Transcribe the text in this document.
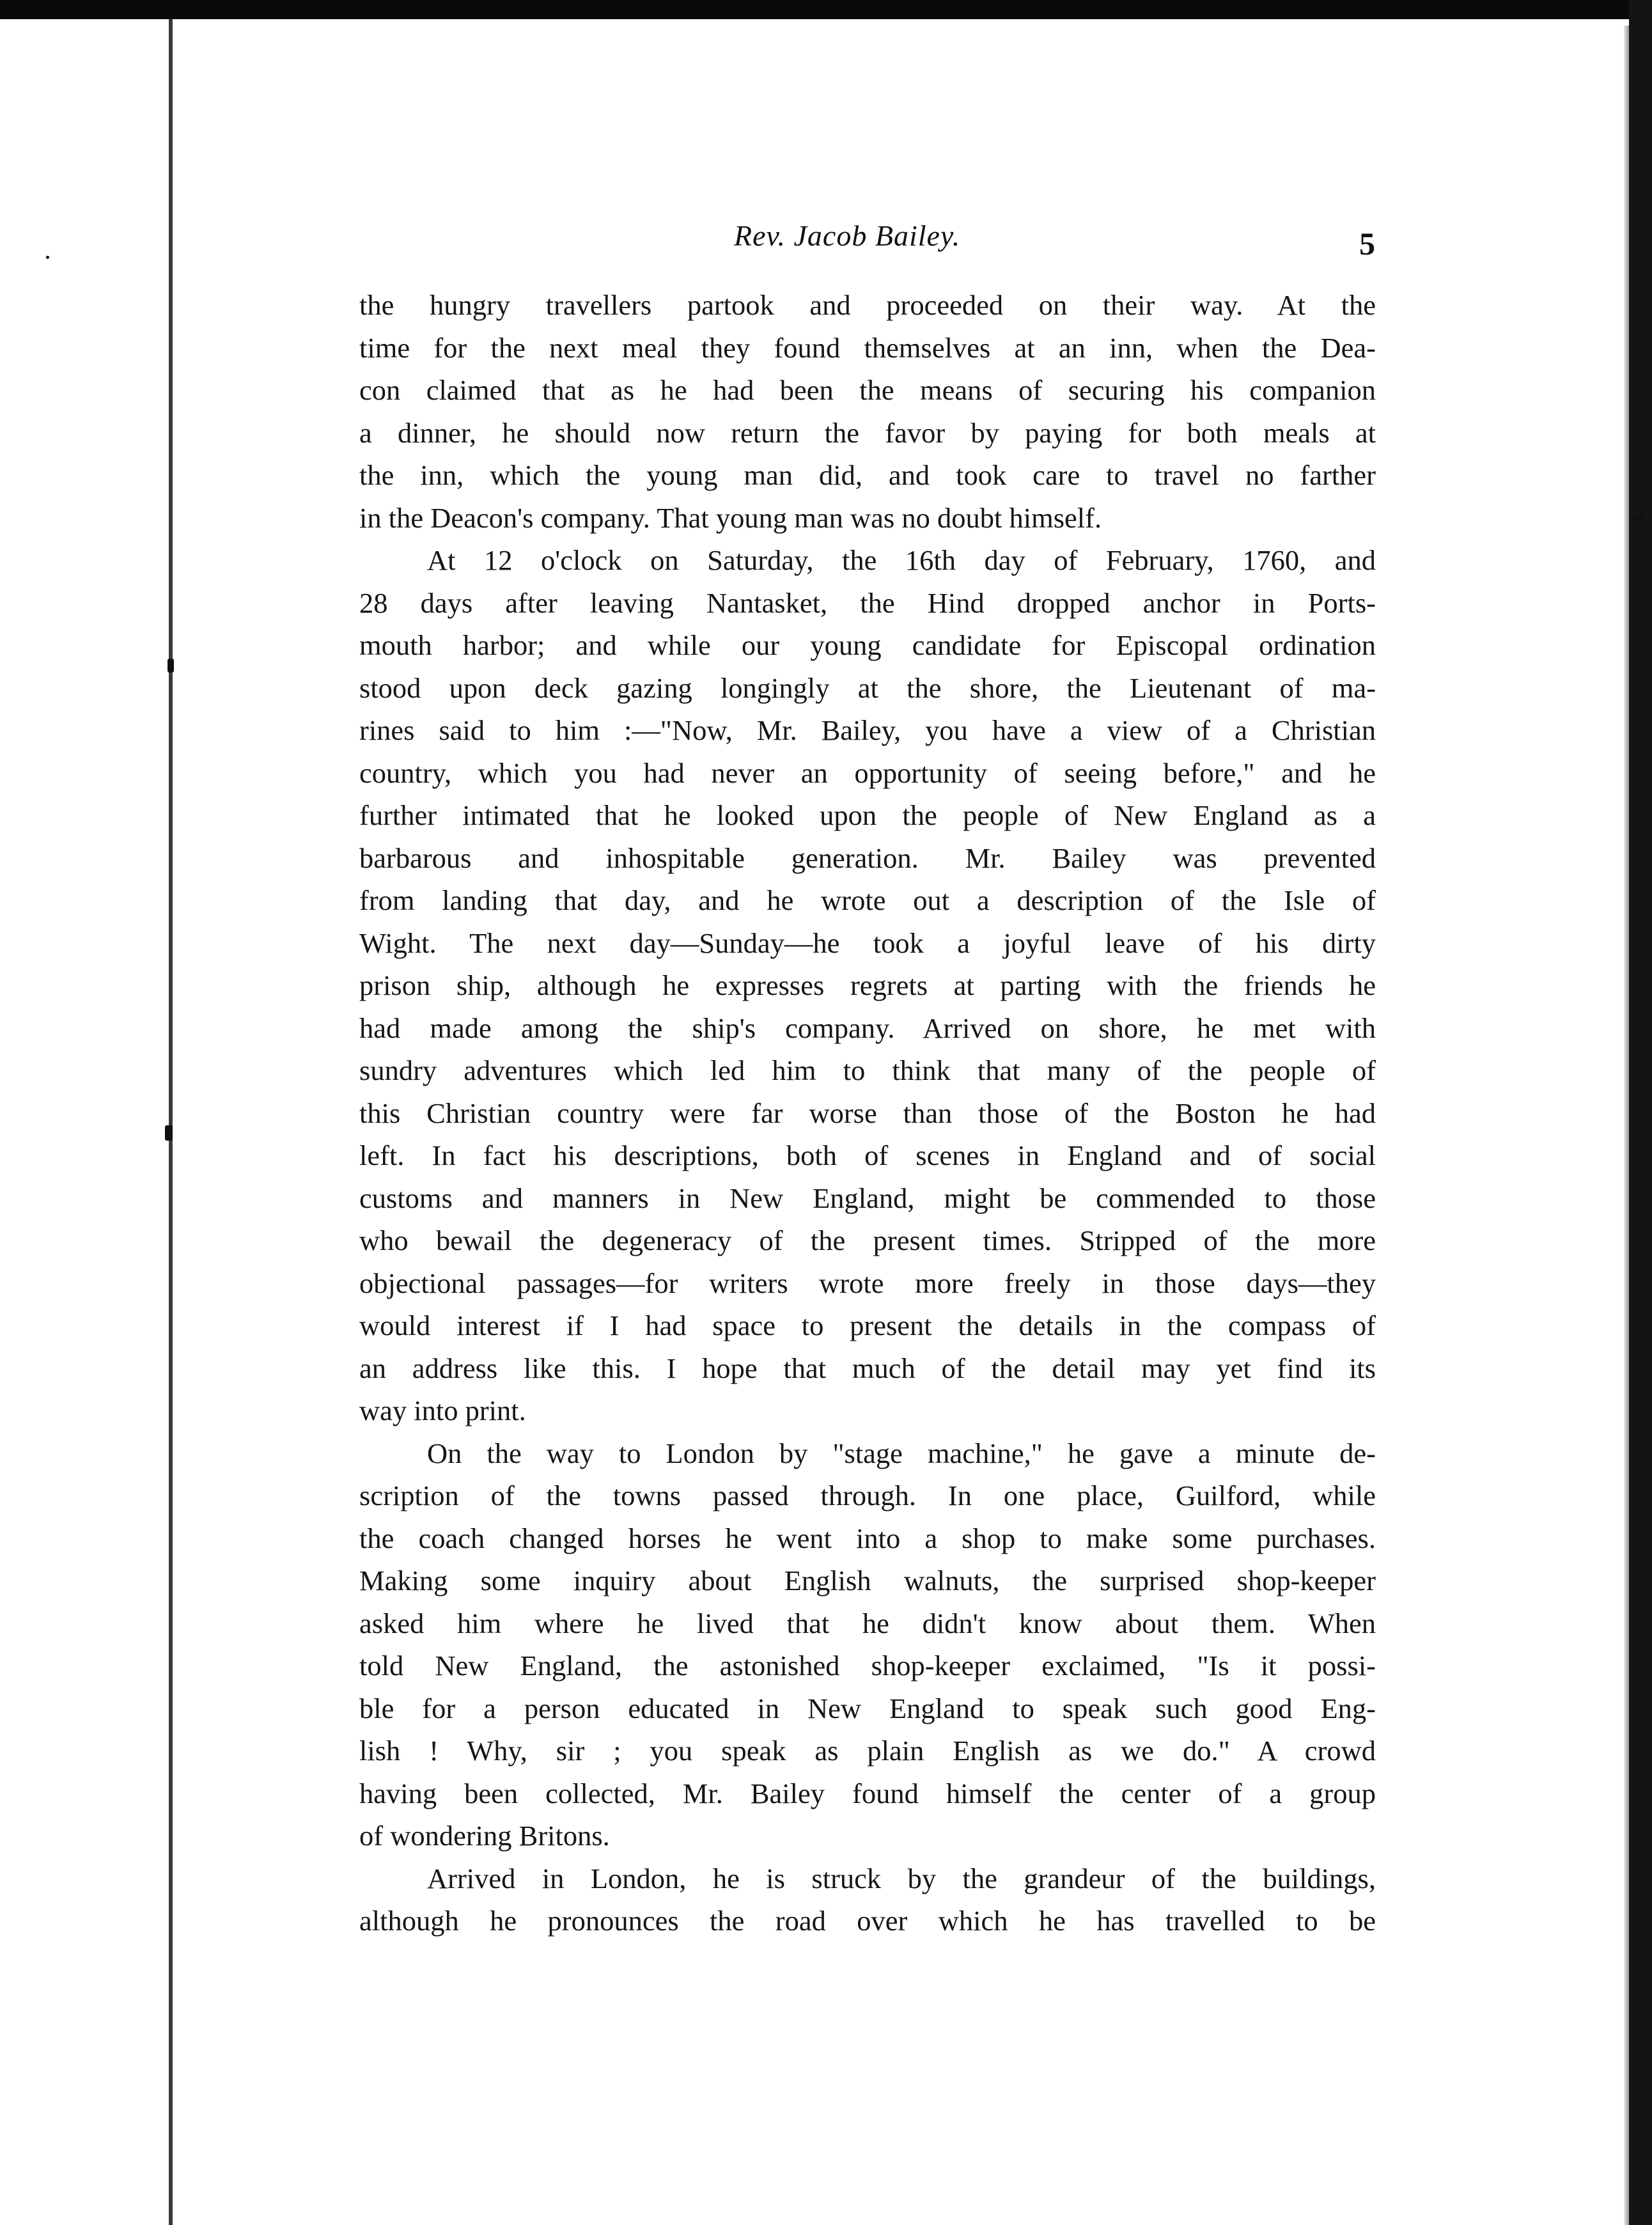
Rev. Jacob Bailey.	5
the hungry travellers partook and proceeded on their way. At the
time for the next meal they found themselves at an inn, when the Dea-
con claimed that as he had been the means of securing his companion
a dinner, he should now return the favor by paying for both meals at
the inn, which the young man did, and took care to travel no farther
in the Deacon's company. That young man was no doubt himself.
At 12 o'clock on Saturday, the 16th day of February, 1760, and
28 days after leaving Nantasket, the Hind dropped anchor in Ports-
mouth harbor; and while our young candidate for Episcopal ordination
stood upon deck gazing longingly at the shore, the Lieutenant of ma-
rines said to him :—"Now, Mr. Bailey, you have a view of a Christian
country, which you had never an opportunity of seeing before," and he
further intimated that he looked upon the people of New England as a
barbarous and inhospitable generation. Mr. Bailey was prevented
from landing that day, and he wrote out a description of the Isle of
Wight. The next day—Sunday—he took a joyful leave of his dirty
prison ship, although he expresses regrets at parting with the friends he
had made among the ship's company. Arrived on shore, he met with
sundry adventures which led him to think that many of the people of
this Christian country were far worse than those of the Boston he had
left. In fact his descriptions, both of scenes in England and of social
customs and manners in New England, might be commended to those
who bewail the degeneracy of the present times. Stripped of the more
objectional passages—for writers wrote more freely in those days—they
would interest if I had space to present the details in the compass of
an address like this. I hope that much of the detail may yet find its
way into print.
On the way to London by "stage machine," he gave a minute de-
scription of the towns passed through. In one place, Guilford, while
the coach changed horses he went into a shop to make some purchases.
Making some inquiry about English walnuts, the surprised shop-keeper
asked him where he lived that he didn't know about them. When
told New England, the astonished shop-keeper exclaimed, "Is it possi-
ble for a person educated in New England to speak such good Eng-
lish ! Why, sir ; you speak as plain English as we do." A crowd
having been collected, Mr. Bailey found himself the center of a group
of wondering Britons.
Arrived in London, he is struck by the grandeur of the buildings,
although he pronounces the road over which he has travelled to be
